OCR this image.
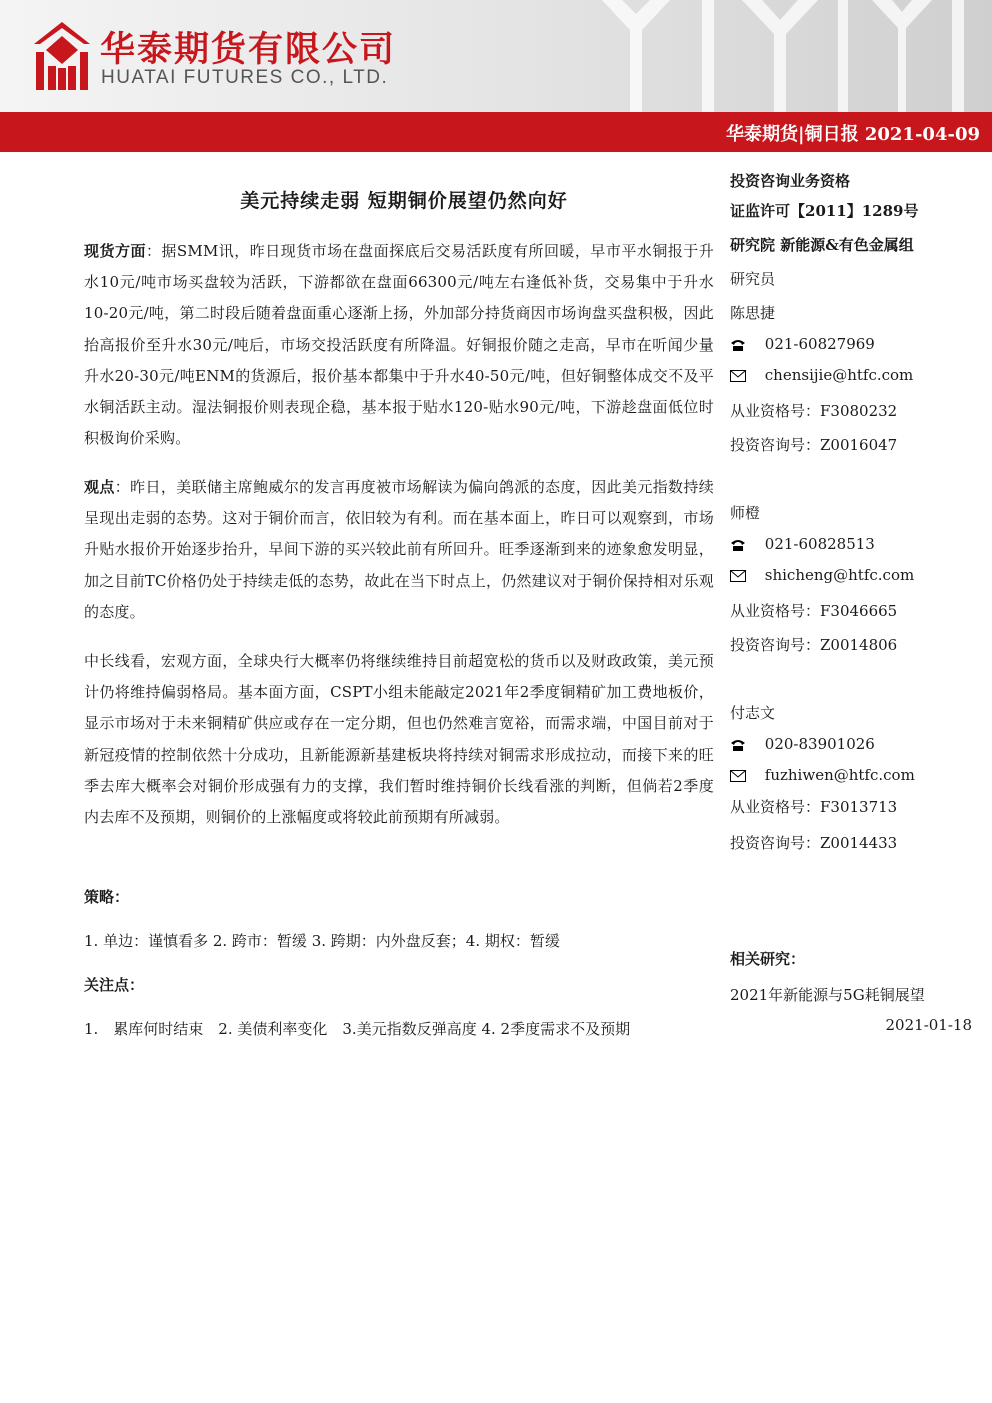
华泰期货有限公司
HUATAI FUTURES CO., LTD.
华泰期货|铜日报 2021-04-09
美元持续走弱 短期铜价展望仍然向好
现货方面：据SMM讯，昨日现货市场在盘面探底后交易活跃度有所回暖，早市平水铜报于升水10元/吨市场买盘较为活跃，下游都欲在盘面66300元/吨左右逢低补货，交易集中于升水10-20元/吨，第二时段后随着盘面重心逐渐上扬，外加部分持货商因市场询盘买盘积极，因此抬高报价至升水30元/吨后，市场交投活跃度有所降温。好铜报价随之走高，早市在听闻少量升水20-30元/吨ENM的货源后，报价基本都集中于升水40-50元/吨，但好铜整体成交不及平水铜活跃主动。湿法铜报价则表现企稳，基本报于贴水120-贴水90元/吨，下游趁盘面低位时积极询价采购。
观点：昨日，美联储主席鲍威尔的发言再度被市场解读为偏向鸽派的态度，因此美元指数持续呈现出走弱的态势。这对于铜价而言，依旧较为有利。而在基本面上，昨日可以观察到，市场升贴水报价开始逐步抬升，早间下游的买兴较此前有所回升。旺季逐渐到来的迹象愈发明显，加之目前TC价格仍处于持续走低的态势，故此在当下时点上，仍然建议对于铜价保持相对乐观的态度。
中长线看，宏观方面，全球央行大概率仍将继续维持目前超宽松的货币以及财政政策，美元预计仍将维持偏弱格局。基本面方面，CSPT小组未能敲定2021年2季度铜精矿加工费地板价，显示市场对于未来铜精矿供应或存在一定分期，但也仍然难言宽裕，而需求端，中国目前对于新冠疫情的控制依然十分成功，且新能源新基建板块将持续对铜需求形成拉动，而接下来的旺季去库大概率会对铜价形成强有力的支撑，我们暂时维持铜价长线看涨的判断，但倘若2季度内去库不及预期，则铜价的上涨幅度或将较此前预期有所减弱。
策略：
1. 单边：谨慎看多 2. 跨市：暂缓 3. 跨期：内外盘反套；4. 期权：暂缓
关注点：
1.　累库何时结束　2. 美债利率变化　3.美元指数反弹高度 4. 2季度需求不及预期
投资咨询业务资格
证监许可【2011】1289号
研究院 新能源&有色金属组
研究员
陈思捷
021-60827969
chensijie@htfc.com
从业资格号：F3080232
投资咨询号：Z0016047
师橙
021-60828513
shicheng@htfc.com
从业资格号：F3046665
投资咨询号：Z0014806
付志文
020-83901026
fuzhiwen@htfc.com
从业资格号：F3013713
投资咨询号：Z0014433
相关研究：
2021年新能源与5G耗铜展望
2021-01-18
